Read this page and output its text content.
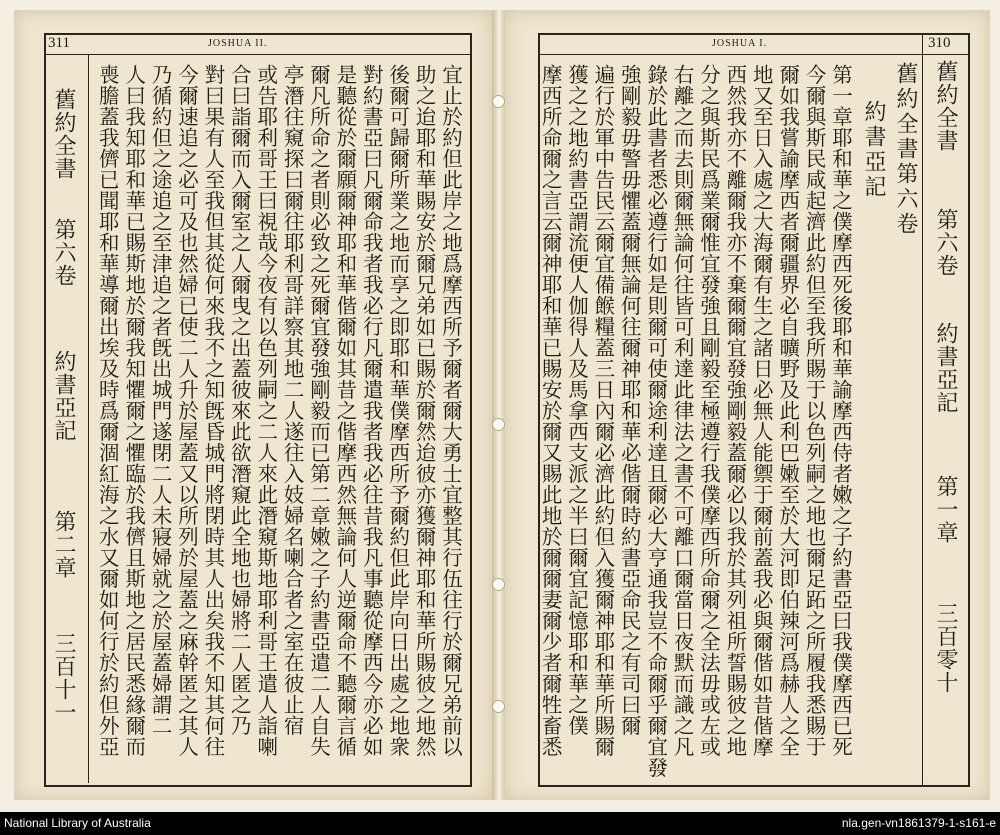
311	JOSHUA II.
宜止於約但此岸之地爲摩西所予爾者爾大勇士宜整其行伍往行於爾兄弟前以
助之迨耶和華賜安於爾兄弟如已賜於爾然迨彼亦獲爾神耶和華所賜彼之地然
後爾可歸爾所業之地而享之即耶和華僕摩西所予爾約但此岸向日出處之地衆
對約書亞曰凡爾命我者我必行凡爾遣我者我必往昔我凡事聽從摩西今亦必如
是聽從於爾願爾神耶和華偕爾如其昔之偕摩西然無論何人逆爾命不聽爾言循
爾凡所命之者則必致之死爾宜發強剛毅而已第二章嫩之子約書亞遣二人自失
亭潛往窺探曰爾往耶利哥詳察其地二人遂往入妓婦名喇合者之室在彼止宿
或告耶利哥王曰視哉今夜有以色列嗣之二人來此潛窺斯地耶利哥王遣人詣喇
合曰詣爾而入爾室之人爾曳之出蓋彼來此欲潛窺此全地也婦將二人匿之乃
對曰果有人至我但其從何來我不之知旣昏城門將閉時其人出矣我不知其何往
今爾速追之必可及也然婦已使二人升於屋蓋又以所列於屋蓋之麻幹匿之其人
乃循約但之途追之至津追之者旣出城門遂閉二人未寢婦就之於屋蓋婦謂二
人曰我知耶和華已賜斯地於爾我知懼爾之懼臨於我儕且斯地之居民悉緣爾而
喪膽蓋我儕已聞耶和華導爾出埃及時爲爾涸紅海之水又爾如何行於約但外亞
舊約全書
第六卷
約書亞記
第二章
三百十一
310
JOSHUA I.
第一章耶和華之僕摩西死後耶和華諭摩西侍者嫩之子約書亞曰我僕摩西已死
今爾與斯民咸起濟此約但至我所賜于以色列嗣之地也爾足跖之所履我悉賜于
爾如我嘗諭摩西者爾疆界必自曠野及此利巴嫩至於大河即伯辣河爲赫人之全
地又至日入處之大海爾有生之諸日必無人能禦于爾前蓋我必與爾偕如昔偕摩
西然我亦不離爾我亦不棄爾爾宜發強剛毅蓋爾必以我於其列祖所誓賜彼之地
分之與斯民爲業爾惟宜發強且剛毅至極遵行我僕摩西所命爾之全法毋或左或
右離之而去則爾無論何往皆可利達此律法之書不可離口爾當日夜默而識之凡
錄於此書者悉必遵行如是則爾可使爾途利達且爾必大亨通我豈不命爾乎爾宜發
強剛毅毋警毋懼蓋爾無論何往爾神耶和華必偕爾時約書亞命民之有司曰爾
遍行於軍中告民云爾宜備餱糧蓋三日內爾必濟此約但入獲爾神耶和華所賜爾
獲之之地約書亞謂流便人伽得人及馬拿西支派之半曰爾宜記憶耶和華之僕
摩西所命爾之言云爾神耶和華已賜安於爾又賜此地於爾爾妻爾少者爾牲畜悉	舊約全書第六卷
約書亞記 舊約全書
第六卷
約書亞記
第一章
三百零十
National Library of Australia	nla.gen-vn1861379-1-s161-e
